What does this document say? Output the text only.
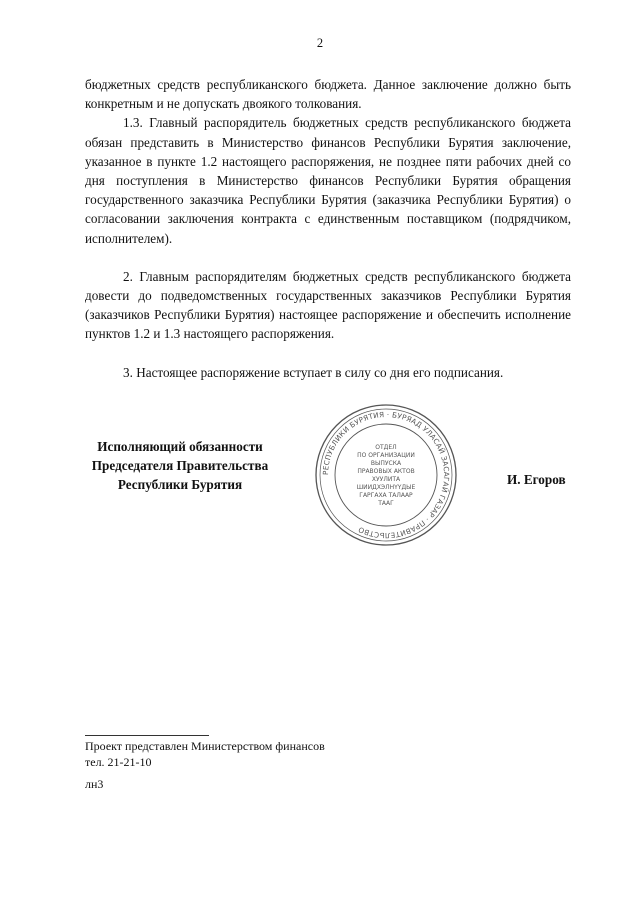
2

бюджетных средств республиканского бюджета. Данное заключение должно быть конкретным и не допускать двоякого толкования.

1.3. Главный распорядитель бюджетных средств республиканского бюджета обязан представить в Министерство финансов Республики Бурятия заключение, указанное в пункте 1.2 настоящего распоряжения, не позднее пяти рабочих дней со дня поступления в Министерство финансов Республики Бурятия обращения государственного заказчика Республики Бурятия (заказчика Республики Бурятия) о согласовании заключения контракта с единственным поставщиком (подрядчиком, исполнителем).

2. Главным распорядителям бюджетных средств республиканского бюджета довести до подведомственных государственных заказчиков Республики Бурятия (заказчиков Республики Бурятия) настоящее распоряжение и обеспечить исполнение пунктов 1.2 и 1.3 настоящего распоряжения.

3. Настоящее распоряжение вступает в силу со дня его подписания.

Исполняющий обязанности
Председателя Правительства
Республики Бурятия
РЕСПУБЛИКИ БУРЯТИЯ · БУРЯАД УЛАСАЙ ЗАСАГАЙ ГАЗАР · ПРАВИТЕЛЬСТВО
ОТДЕЛ
ПО ОРГАНИЗАЦИИ
ВЫПУСКА
ПРАВОВЫХ АКТОВ
ХУУЛИТА
ШИИДХЭЛНҮҮДЫЕ
ГАРГАХА ТАЛААР
ТААГ
И. Егоров
Проект представлен Министерством финансов
тел. 21-21-10
лн3
